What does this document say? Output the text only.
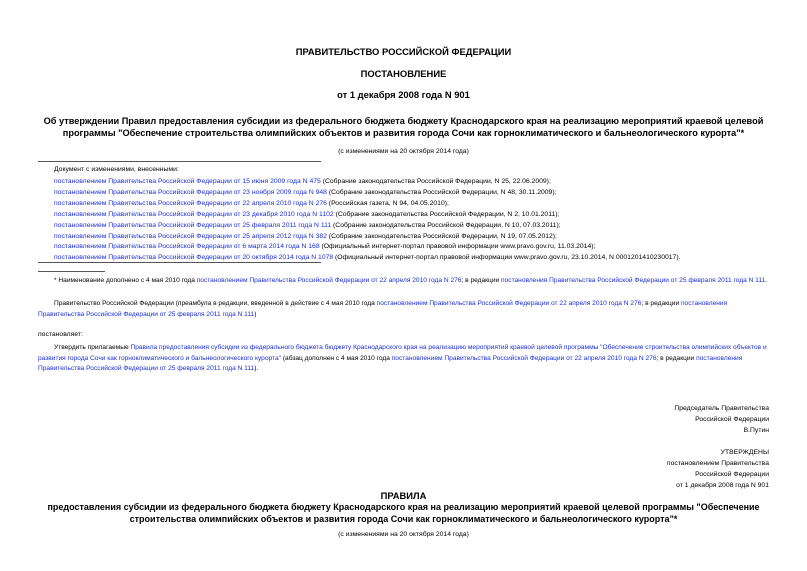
ПРАВИТЕЛЬСТВО РОССИЙСКОЙ ФЕДЕРАЦИИ
ПОСТАНОВЛЕНИЕ
от 1 декабря 2008 года N 901
Об утверждении Правил предоставления субсидии из федерального бюджета бюджету Краснодарского края на реализацию мероприятий краевой целевой
программы "Обеспечение строительства олимпийских объектов и развития города Сочи как горноклиматического и бальнеологического курорта"*
(с изменениями на 20 октября 2014 года)
Документ с изменениями, внесенными:
постановлением Правительства Российской Федерации от 15 июня 2009 года N 475 (Собрание законодательства Российской Федерации, N 25, 22.06.2009);
постановлением Правительства Российской Федерации от 23 ноября 2009 года N 948 (Собрание законодательства Российской Федерации, N 48, 30.11.2009);
постановлением Правительства Российской Федерации от 22 апреля 2010 года N 276 (Российская газета, N 94, 04.05.2010);
постановлением Правительства Российской Федерации от 23 декабря 2010 года N 1102 (Собрание законодательства Российской Федерации, N 2, 10.01.2011);
постановлением Правительства Российской Федерации от 25 февраля 2011 года N 111 (Собрание законодательства Российской Федерации, N 10, 07.03.2011);
постановлением Правительства Российской Федерации от 25 апреля 2012 года N 382 (Собрание законодательства Российской Федерации, N 19, 07.05.2012);
постановлением Правительства Российской Федерации от 6 марта 2014 года N 168 (Официальный интернет-портал правовой информации www.pravo.gov.ru, 11.03.2014);
постановлением Правительства Российской Федерации от 20 октября 2014 года N 1078 (Официальный интернет-портал правовой информации www.pravo.gov.ru, 23.10.2014, N 0001201410230017).
* Наименование дополнено с 4 мая 2010 года постановлением Правительства Российской Федерации от 22 апреля 2010 года N 276; в редакции постановления Правительства Российской Федерации от 25 февраля 2011 года N 111.
Правительство Российской Федерации (преамбула в редакции, введенной в действие с 4 мая 2010 года постановлением Правительства Российской Федерации от 22 апреля 2010 года N 276; в редакции постановления Правительства Российской Федерации от 25 февраля 2011 года N 111)
постановляет:
Утвердить прилагаемые Правила предоставления субсидии из федерального бюджета бюджету Краснодарского края на реализацию мероприятий краевой целевой программы "Обеспечение строительства олимпийских объектов и развития города Сочи как горноклиматического и бальнеологического курорта" (абзац дополнен с 4 мая 2010 года постановлением Правительства Российской Федерации от 22 апреля 2010 года N 276; в редакции постановления Правительства Российской Федерации от 25 февраля 2011 года N 111).
Председатель Правительства
Российской Федерации
В.Путин
УТВЕРЖДЕНЫ
постановлением Правительства
Российской Федерации
от 1 декабря 2008 года N 901
ПРАВИЛА
предоставления субсидии из федерального бюджета бюджету Краснодарского края на реализацию мероприятий краевой целевой программы "Обеспечение
строительства олимпийских объектов и развития города Сочи как горноклиматического и бальнеологического курорта"*
(с изменениями на 20 октября 2014 года)
